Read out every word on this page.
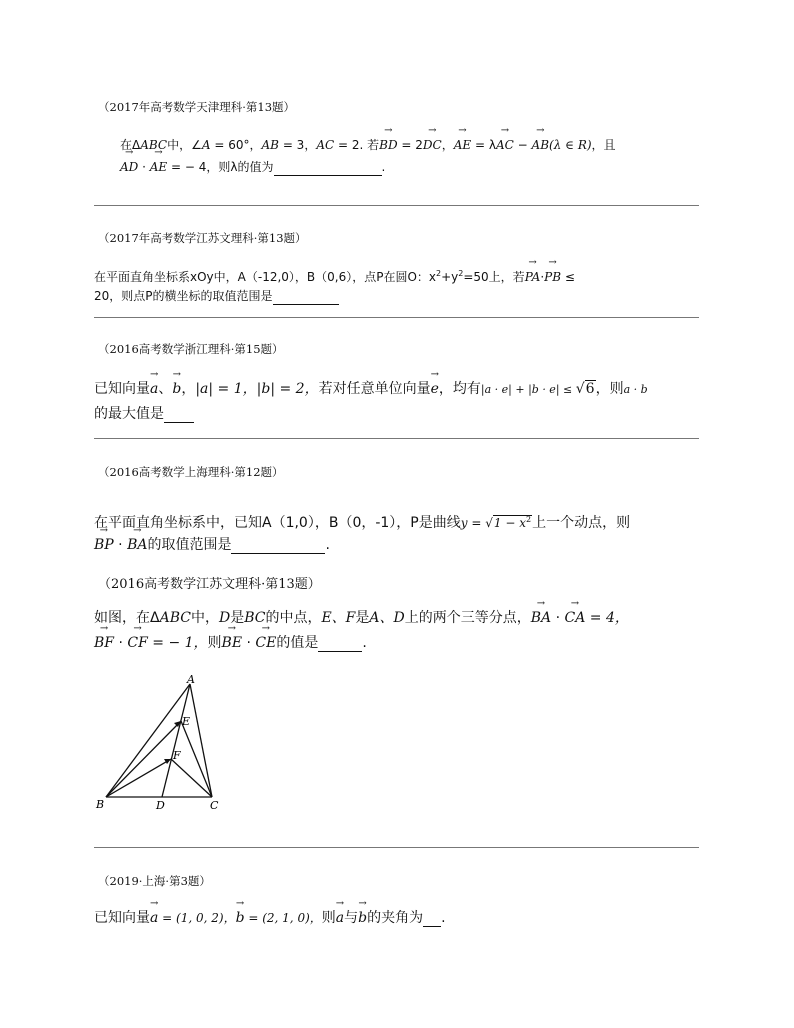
（2017年高考数学天津理科·第13题）
在ΔABC中，∠A = 60°，AB = 3，AC = 2. 若→ BD = 2→ DC，→ AE = λ→ AC − → AB(λ ∈ R)，且
→ AD · → AE = − 4，则λ的值为	.
（2017年高考数学江苏文理科·第13题）
在平面直角坐标系xOy中，A（-12,0），B（0,6），点P在圆O：$x^2+y^2=50$上，若→ PA·→ PB ≤
20，则点P的横坐标的取值范围是
（2016高考数学浙江理科·第15题）
已知向量→ a、→ b，|a| = 1，|b| = 2，若对任意单位向量→ e，均有|a · e| + |b · e| ≤ √6，则a · b
的最大值是
（2016高考数学上海理科·第12题）
在平面直角坐标系中，已知A（1,0），B（0，-1），P是曲线$y = √1 - x^2$上一个动点，则
→ BP · → BA的取值范围是	.
（2016高考数学江苏文理科·第13题）
如图，在ΔABC中，D是BC的中点，E、F是A、D上的两个三等分点，→ BA · → CA = 4，
→ BF · → CF = − 1，则→ BE · → CE的值是	.
A
B	C
D
E
F
（2019·上海·第3题）
已知向量→ a = (1, 0, 2)，→ b = (2, 1, 0)，则→ a与→ b的夹角为 .
